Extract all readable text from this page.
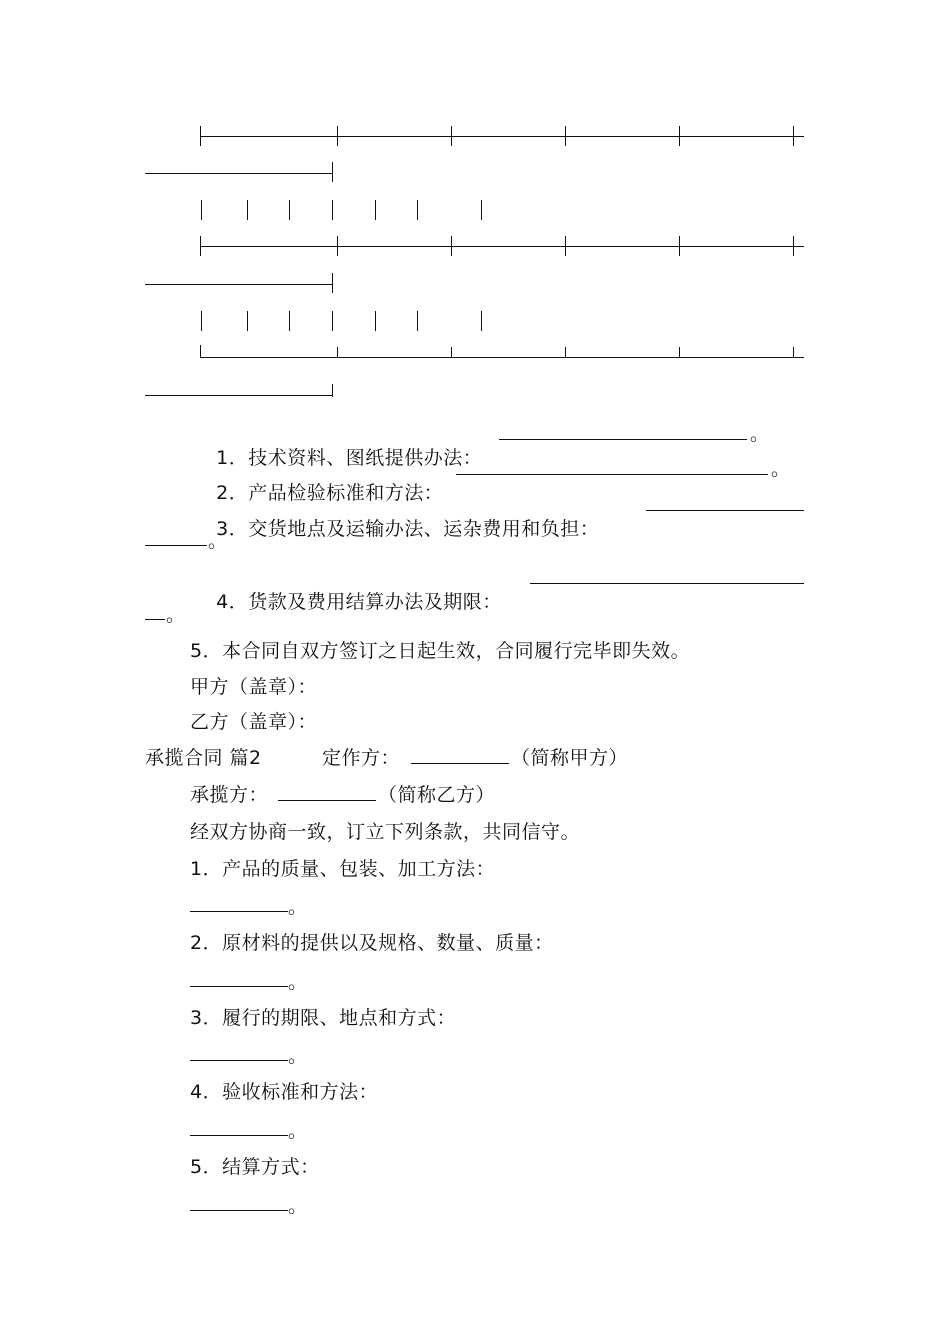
1．技术资料、图纸提供办法：

。

2．产品检验标准和方法：

。

3．交货地点及运输办法、运杂费用和负担：

。

4．货款及费用结算办法及期限：

。
5．本合同自双方签订之日起生效，合同履行完毕即失效。
甲方（盖章）：
乙方（盖章）：
承揽合同 篇2	定作方：	（简称甲方）
承揽方：	（简称乙方）
经双方协商一致，订立下列条款，共同信守。
1．产品的质量、包装、加工方法：
。
2．原材料的提供以及规格、数量、质量：
。
3．履行的期限、地点和方式：
。
4．验收标准和方法：
。
5．结算方式：
。
